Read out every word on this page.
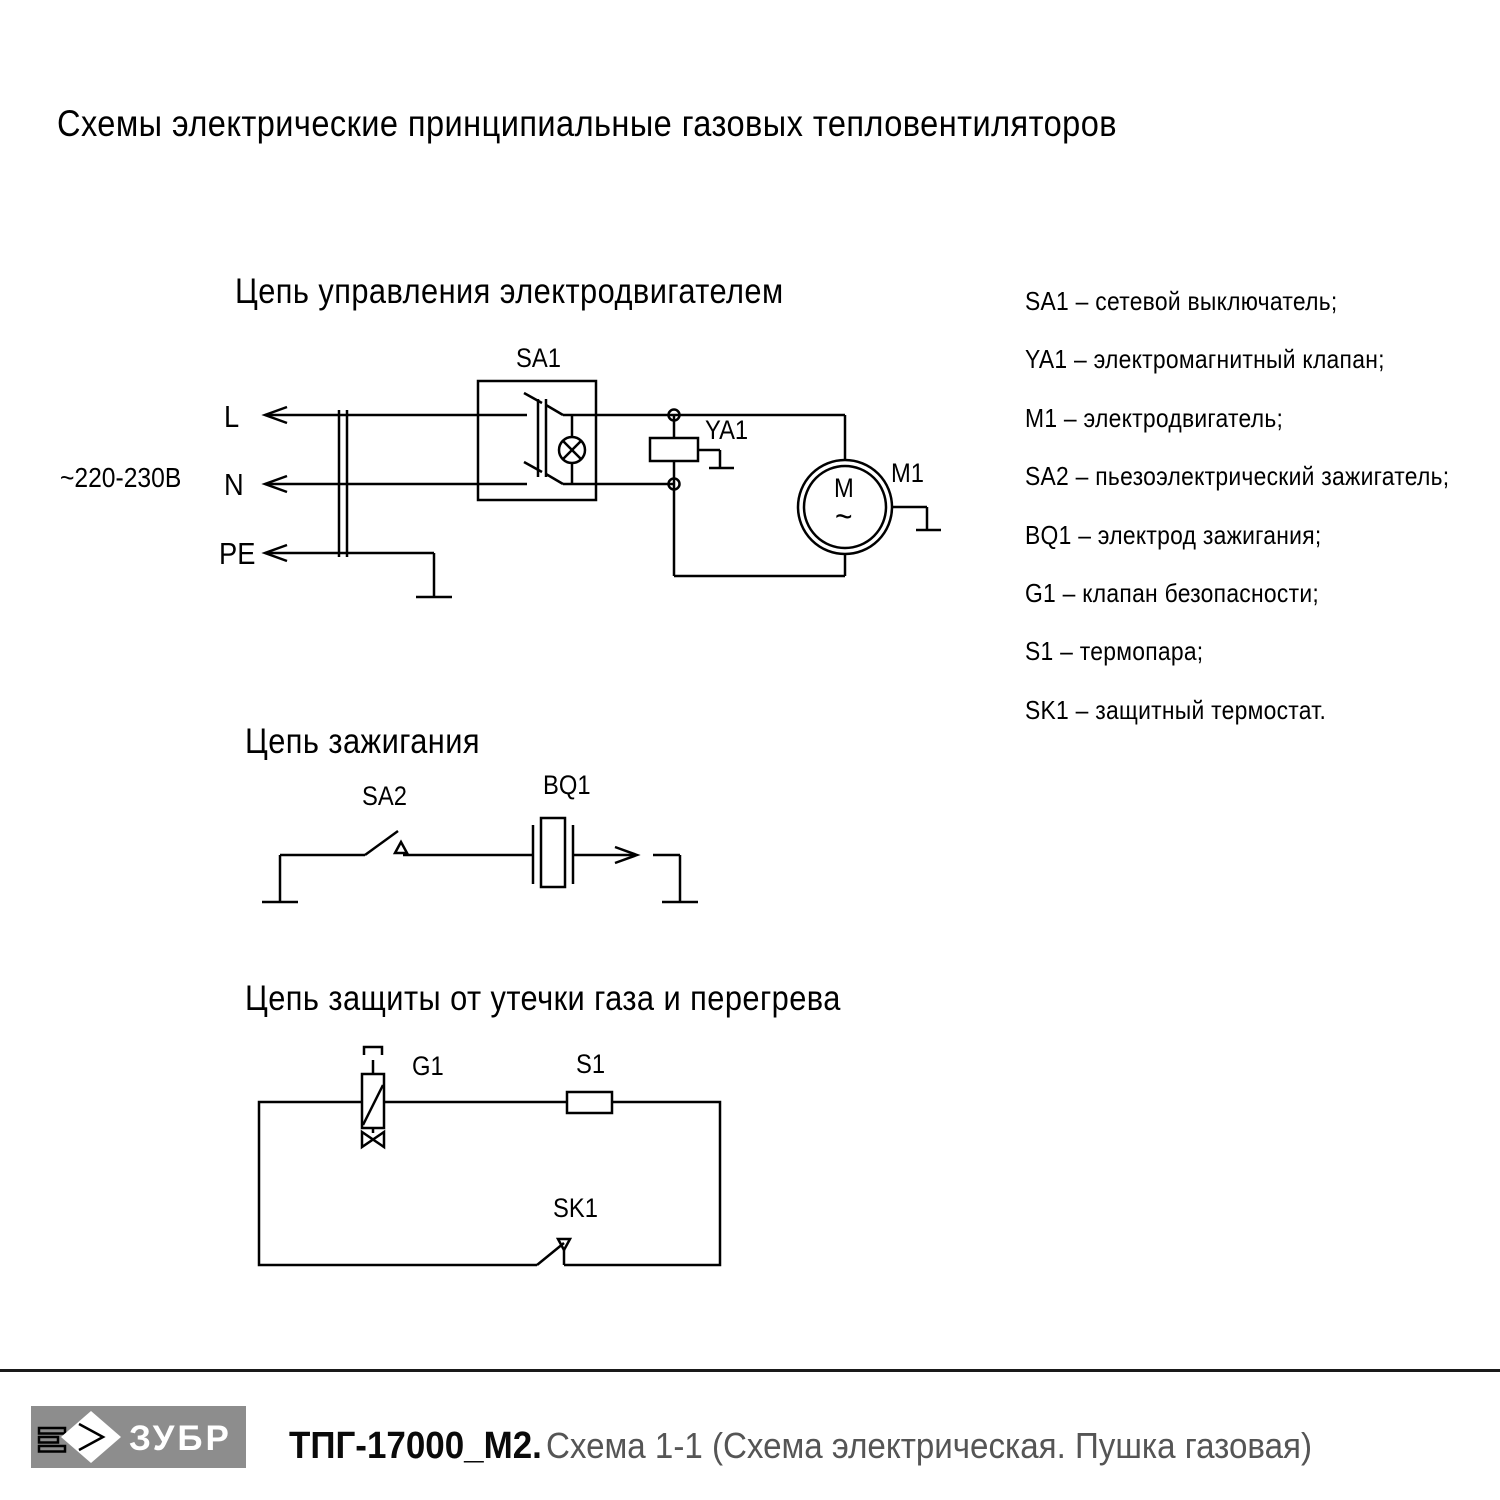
Схемы электрические принципиальные газовых тепловентиляторов
Цепь управления электродвигателем
~220-230В
L
N
PE
SA1
YA1
M1
M
~
SA1 – сетевой выключатель;
YA1 – электромагнитный клапан;
M1 – электродвигатель;
SA2 – пьезоэлектрический зажигатель;
BQ1 – электрод зажигания;
G1 – клапан безопасности;
S1 – термопара;
SK1 – защитный термостат.
Цепь зажигания
SA2	BQ1
Цепь защиты от утечки газа и перегрева
G1	S1
SK1
ЗУБР ТПГ-17000_М2. Схема 1-1 (Схема электрическая. Пушка газовая)
